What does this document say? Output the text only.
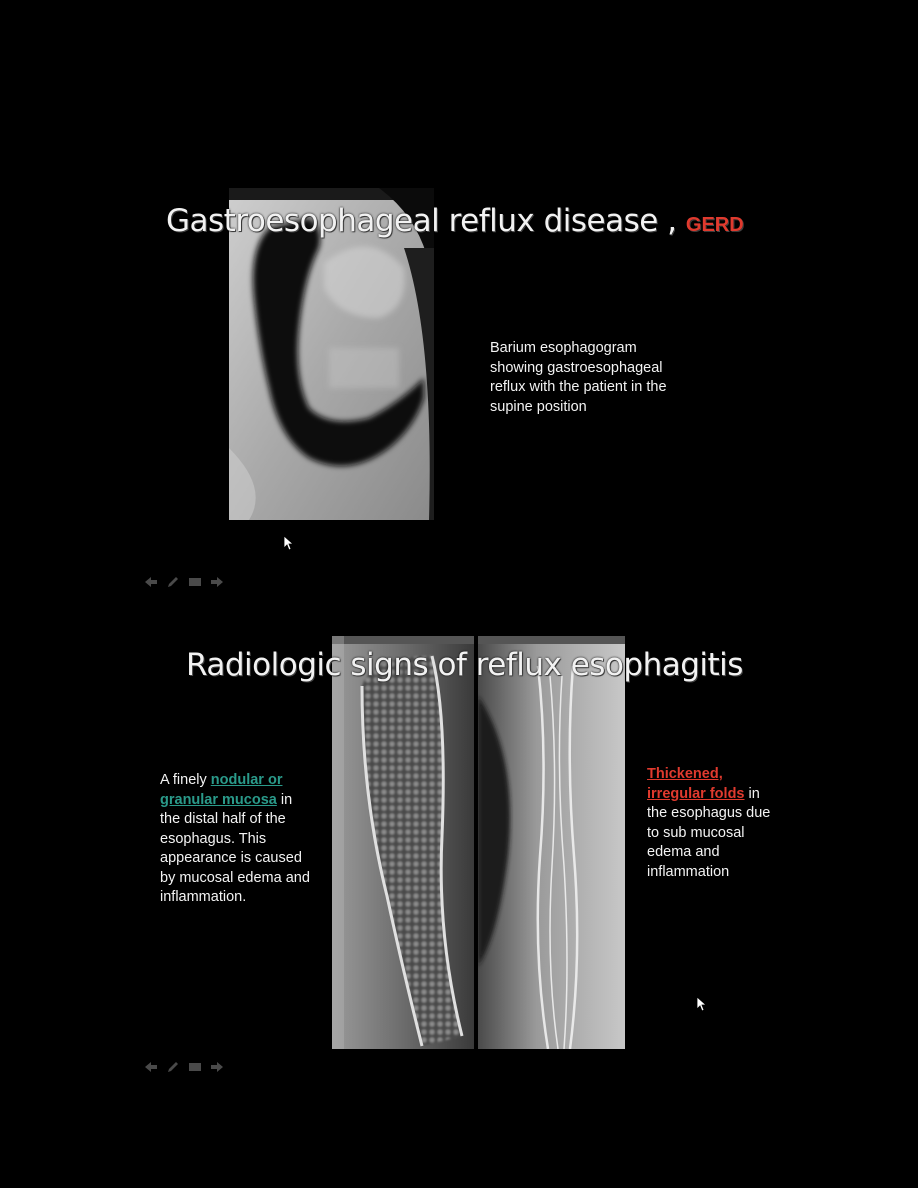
Gastroesophageal reflux disease , GERD
Barium esophagogram showing gastroesophageal reflux with the patient in the supine position
Radiologic signs of reflux esophagitis
A finely nodular or granular mucosa in the distal half of the esophagus. This appearance is caused by mucosal edema and inflammation.
Thickened, irregular folds in the esophagus due to sub mucosal edema and inflammation
